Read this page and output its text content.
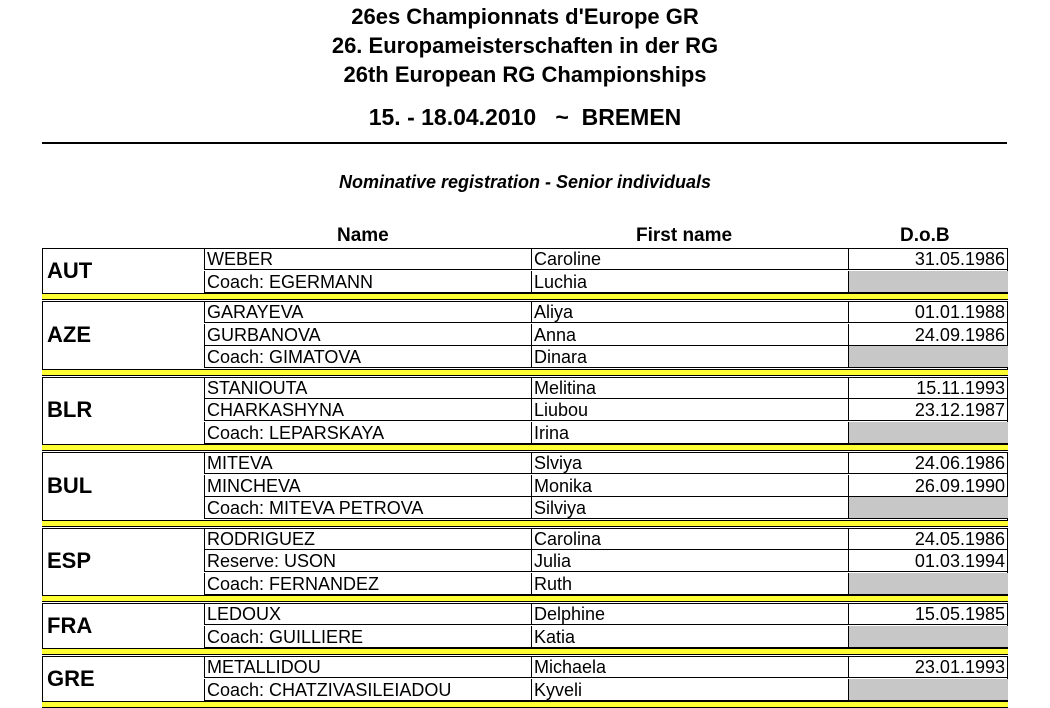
26es Championnats d'Europe GR
26. Europameisterschaften in der RG
26th European RG Championships
15. - 18.04.2010   ~  BREMEN
Nominative registration - Senior individuals
Name	First name	D.o.B
AUT	WEBER	Caroline	31.05.1986
Coach: EGERMANN	Luchia
AZE
GARAYEVA	Aliya	01.01.1988
GURBANOVA	Anna	24.09.1986
Coach: GIMATOVA	Dinara
BLR
STANIOUTA	Melitina	15.11.1993
CHARKASHYNA	Liubou	23.12.1987
Coach: LEPARSKAYA	Irina
BUL
MITEVA	Slviya	24.06.1986
MINCHEVA	Monika	26.09.1990
Coach: MITEVA PETROVA	Silviya
ESP
RODRIGUEZ	Carolina	24.05.1986
Reserve: USON	Julia	01.03.1994
Coach: FERNANDEZ	Ruth
FRA	LEDOUX	Delphine	15.05.1985
Coach: GUILLIERE	Katia
GRE	METALLIDOU	Michaela	23.01.1993
Coach: CHATZIVASILEIADOU	Kyveli
